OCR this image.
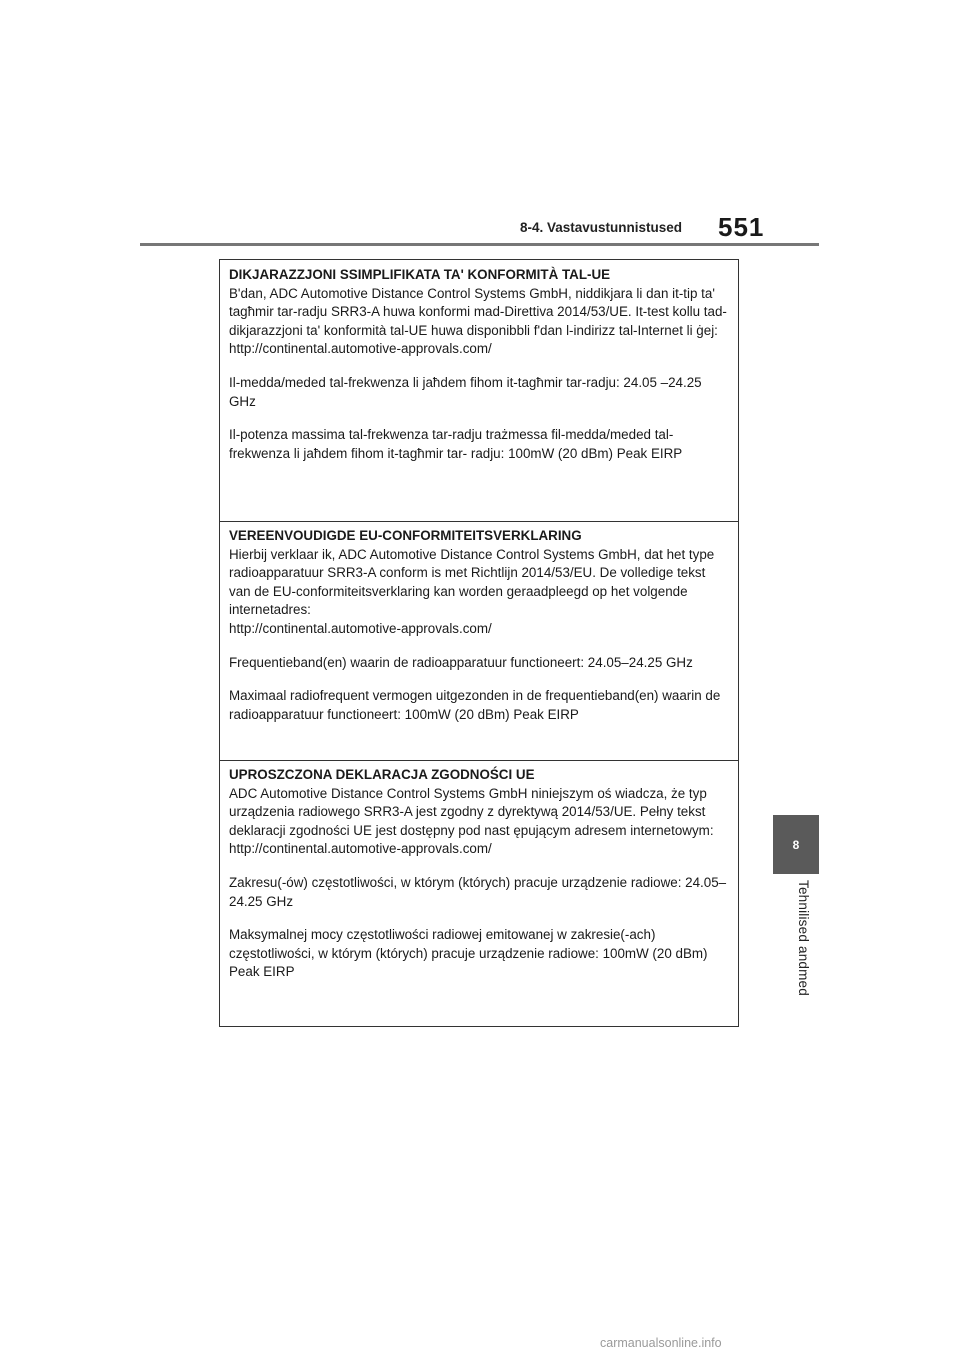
8-4. Vastavustunnistused 551
8
Tehnilised andmed

DIKJARAZZJONI SSIMPLIFIKATA TA' KONFORMITÀ TAL-UE

B'dan, ADC Automotive Distance Control Systems GmbH, niddikjara li dan it-tip ta' tagħmir tar-radju SRR3-A huwa konformi mad-Direttiva 2014/53/UE. It-test kollu tad-dikjarazzjoni ta' konformità tal-UE huwa disponibbli f'dan l-indirizz tal-Internet li ġej:

http://continental.automotive-approvals.com/

Il-medda/meded tal-frekwenza li jaħdem fihom it-tagħmir tar-radju: 24.05 –24.25 GHz

Il-potenza massima tal-frekwenza tar-radju trażmessa fil-medda/meded tal-frekwenza li jaħdem fihom it-tagħmir tar- radju: 100mW (20 dBm) Peak EIRP

VEREENVOUDIGDE EU-CONFORMITEITSVERKLARING

Hierbij verklaar ik, ADC Automotive Distance Control Systems GmbH, dat het type radioapparatuur SRR3-A conform is met Richtlijn 2014/53/EU. De volledige tekst van de EU-conformiteitsverklaring kan worden geraadpleegd op het volgende internetadres:

http://continental.automotive-approvals.com/

Frequentieband(en) waarin de radioapparatuur functioneert: 24.05–24.25 GHz

Maximaal radiofrequent vermogen uitgezonden in de frequentieband(en) waarin de radioapparatuur functioneert: 100mW (20 dBm) Peak EIRP

UPROSZCZONA DEKLARACJA ZGODNOŚCI UE

ADC Automotive Distance Control Systems GmbH niniejszym oś wiadcza, że typ urządzenia radiowego SRR3-A jest zgodny z dyrektywą 2014/53/UE. Pełny tekst deklaracji zgodności UE jest dostępny pod nast ępującym adresem internetowym:

http://continental.automotive-approvals.com/

Zakresu(-ów) częstotliwości, w którym (których) pracuje urządzenie radiowe: 24.05–24.25 GHz

Maksymalnej mocy częstotliwości radiowej emitowanej w zakresie(-ach) częstotliwości, w którym (których) pracuje urządzenie radiowe: 100mW (20 dBm) Peak EIRP

carmanualsonline.info
